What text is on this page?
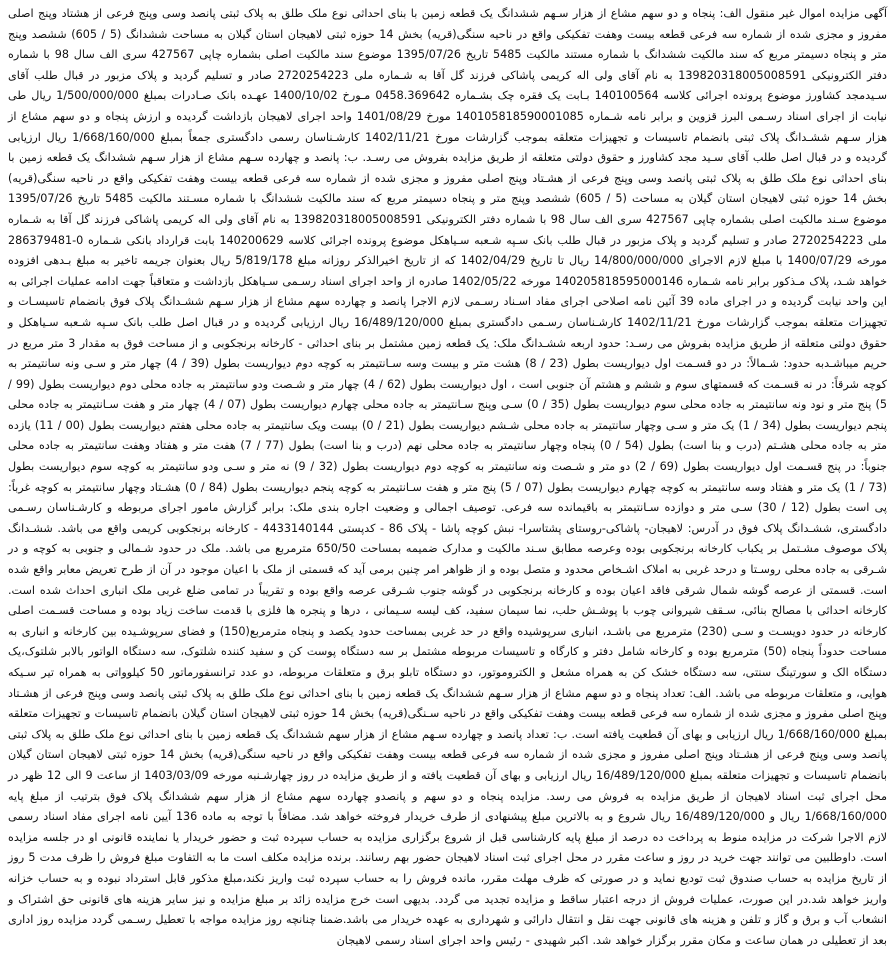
آگهی مزایده اموال غیر منقول الف: پنجاه و دو سهم مشاع از هزار سـهم ششدانگ یک قطعه زمین با بنای احداثی نوع ملک طلق به پلاک ثبتی پانصد وسی وپنج فرعی از هشتاد وپنج اصلی مفروز و مجزی شده از شماره سه فرعی قطعه بیست وهفت تفکیکی واقع در ناحیه سنگی(قریه) بخش 14 حوزه ثبتی لاهیجان استان گیلان به مساحت ششدانگ (5 / 605) ششصد وپنج متر و پنجاه دسیمتر مربع که سند مالکیت ششدانگ با شماره مستند مالکیت 5485 تاریخ 1395/07/26 موضوع سند مالکیت اصلی بشماره چاپی 427567 سری الف سال 98 با شماره دفتر الکترونیکی 139820318005008591 به نام آقای ولی اله کریمی پاشاکی فرزند گل آقا به شـماره ملی 2720254223 صادر و تسلیم گردید و پلاک مزبور در قبال طلب آقای سـیدمجد کشاورز موضوع پرونده اجرائی کلاسه 140100564 بـابت یک فقره چک بشـماره 0458.369642 مـورخ 1400/10/02 عهـده بانک صـادرات بمبلغ 1/500/000/000 ریال طی نیابت از اجرای اسناد رسـمی البرز قزوین و برابر نامه شـماره 140105818590001085 مورخ 1401/08/29 واحد اجرای لاهیجان بازداشت گردیده و ارزش پنجاه و دو سهم مشاع از هزار سـهم ششـدانگ پلاک ثبتی بانضمام تاسیسات و تجهیزات متعلقه بموجب گزارشات مورخ 1402/11/21 کارشـناسان رسمی دادگستری جمعاً بمبلغ 1/668/160/000 ریال ارزیابی گردیده و در قبال اصل طلب آقای سـید مجد کشاورز و حقوق دولتی متعلقه از طریق مزایده بفروش می رسـد. ب: پانصد و چهارده سـهم مشاع از هزار سـهم ششدانگ یک قطعه زمین با بنای احداثی نوع ملک طلق به پلاک ثبتی پانصد وسی وپنج فرعی از هشـتاد وپنج اصلی مفروز و مجزی شده از شماره سه فرعی قطعه بیست وهفت تفکیکی واقع در ناحیه سنگی(قریه) بخش 14 حوزه ثبتی لاهیجان استان گیلان به مساحت (5 / 605) ششصد وپنج متر و پنجاه دسیمتر مربع که سند مالکیت ششدانگ با شماره مسـتند مالکیت 5485 تاریخ 1395/07/26 موضوع سـند مالکیت اصلی بشماره چاپی 427567 سری الف سال 98 با شماره دفتر الکترونیکی 139820318005008591 به نام آقای ولی اله کریمی پاشاکی فرزند گل آقا به شـماره ملی 2720254223 صادر و تسلیم گردید و پلاک مزبور در قبال طلب بانک سـپه شـعبه سـیاهکل موضوع پرونده اجرائی کلاسه 140200629 بابت قرارداد بانکی شـماره 0-286379481 مورخه 1400/07/29 با مبلغ لازم الاجرای 14/800/000/000 ریال تا تاریخ 1402/04/29 که از تاریخ اخیرالذکر روزانه مبلغ 5/819/178 ریال بعنوان جریمه تاخیر به مبلغ بـدهی افزوده خواهد شـد، پلاک مـذکور برابر نامه شـماره 140205818595000146 مورخه 1402/05/22 صادره از واحد اجرای اسناد رسـمی سـیاهکل بازداشت و متعاقباً جهت ادامه عملیات اجرائی به این واحد نیابت گردیده و در اجرای ماده 39 آئین نامه اصلاحی اجرای مفاد اسـناد رسـمی لازم الاجرا پانصد و چهارده سهم مشاع از هزار سـهم ششـدانگ پلاک فوق بانضمام تاسیسـات و تجهیزات متعلقه بموجب گزارشات مورخ 1402/11/21 کارشـناسان رسـمی دادگستری بمبلغ 16/489/120/000 ریال ارزیابی گردیده و در قبال اصل طلب بانک سـپه شـعبه سـیاهکل و حقوق دولتی متعلقه از طریق مزایده بفروش می رسـد: حدود اربعه ششـدانگ ملک: یک قطعه زمین مشتمل بر بنای احداثی - کارخانه برنجکوبی و از مساحت فوق به مقدار 3 متر مربع در حریم میباشـدبه حدود: شـمالاً: در دو قسـمت اول دیواریست بطول (23 / 8) هشت متر و بیست وسه سـانتیمتر به کوچه دوم دیواریست بطول (39 / 4) چهار متر و سـی ونه سانتیمتر به کوچه شرقاً: در نه قسـمت که قسمتهای سوم و ششم و هشتم آن جنوبی است ، اول دیواریست بطول (62 / 4) چهار متر و شـصت ودو سانتیمتر به جاده محلی دوم دیواریست بطول (99 / 5) پنج متر و نود ونه سانتیمتر به جاده محلی سوم دیواریست بطول (35 / 0) سـی وپنج سـانتیمتر به جاده محلی چهارم دیواریست بطول (07 / 4) چهار متر و هفت سـانتیمتر به جاده محلی پنجم دیواریست بطول (34 / 1) یک متر و سـی وچهار سانتیمتر به جاده محلی شـشم دیواریست بطول (21 / 0) بیست ویک سانتیمتر به جاده محلی هفتم دیواریست بطول (00 / 11) یازده متر به جاده محلی هشـتم (درب و بنا است) بطول (54 / 0) پنجاه وچهار سانتیمتر به جاده محلی نهم (درب و بنا است) بطول (77 / 7) هفت متر و هفتاد وهفت سانتیمتر به جاده محلی جنوباً: در پنج قسـمت اول دیواریست بطول (69 / 2) دو متر و شـصت ونه سانتیمتر به کوچه دوم دیواریست بطول (32 / 9) نه متر و سـی ودو سانتیمتر به کوچه سوم دیواریست بطول (73 / 1) یک متر و هفتاد وسه سانتیمتر به کوچه چهارم دیواریست بطول (07 / 5) پنج متر و هفت سـانتیمتر به کوچه پنجم دیواریست بطول (84 / 0) هشـتاد وچهار سانتیمتر به کوچه غرباً: پی است بطول (12 / 30) سـی متر و دوازده سـانتیمتر به باقیمانده سه فرعی. توصیف اجمالی و وضعیت اجاره بندی ملک: برابر گزارش مامور اجرای مربوطه و کارشـناسان رسـمی دادگستری، ششـدانگ پلاک فوق در آدرس: لاهیجان- پاشاکی-روستای پشتاسرا- نبش کوچه پاشا - پلاک 86 - کدپستی 4433140144 - کارخانه برنجکوبی کریمی واقع می باشد. ششـدانگ پلاک موصوف مشـتمل بر یکباب کارخانه برنجکوبی بوده وعرصه مطابق سـند مالکیت و مدارک ضمیمه بمساحت 650/50 مترمربع می باشد. ملک در حدود شـمالی و جنوبی به کوچه و در شـرقی به جاده محلی روسـتا و درحد غربی به املاک اشـخاص محدود و متصل بوده و از ظواهر امر چنین برمی آید که قسمتی از ملک با اعیان موجود در آن از طرح تعریض معابر واقع شده است. قسمتی از عرصه گوشه شمال شرقی فاقد اعیان بوده و کارخانه برنجکوبی در گوشه جنوب شـرقی عرصه واقع بوده و تقریباً در تمامی ضلع غربی ملک انباری احداث شده است. کارخانه احداثی با مصالح بنائی، سـقف شیروانی چوب با پوشـش حلب، نما سیمان سفید، کف لیسه سـیمانی ، درها و پنجره ها فلزی با قدمت ساخت زیاد بوده و مساحت قسـمت اصلی کارخانه در حدود دویسـت و سـی (230) مترمربع می باشـد، انباری سرپوشیده واقع در حد غربی بمساحت حدود یکصد و پنجاه مترمربع(150) و فضای سرپوشـیده بین کارخانه و انباری به مساحت حدوداً پنجاه (50) مترمربع بوده و کارخانه شامل دفتر و کارگاه و تاسیسات مربوطه مشتمل بر سه دستگاه پوست کن و سفید کننده شلتوک، سه دستگاه الواتور بالابر شلتوک،یک دستگاه الک و سورتینگ سنتی، سه دستگاه خشک کن به همراه مشعل و الکتروموتور، دو دستگاه تابلو برق و متعلقات مربوطه، دو عدد ترانسفورماتور 50 کیلوواتی به همراه تیر سـیکه هوایی، و متعلقات مربوطه می باشد. الف: تعداد پنجاه و دو سهم مشاع از هزار سـهم ششدانگ یک قطعه زمین با بنای احداثی نوع ملک طلق به پلاک ثبتی پانصد وسی وپنج فرعی از هشـتاد وپنج اصلی مفروز و مجزی شده از شماره سه فرعی قطعه بیست وهفت تفکیکی واقع در ناحیه سـنگی(قریه) بخش 14 حوزه ثبتی لاهیجان استان گیلان بانضمام تاسیسات و تجهیزات متعلقه بمبلغ 1/668/160/000 ریال ارزیابی و بهای آن قطعیت یافته است. ب: تعداد پانصد و چهارده سـهم مشاع از هزار سهم ششدانگ یک قطعه زمین با بنای احداثی نوع ملک طلق به پلاک ثبتی پانصد وسی وپنج فرعی از هشـتاد وپنج اصلی مفروز و مجزی شده از شماره سه فرعی قطعه بیست وهفت تفکیکی واقع در ناحیه سنگی(قریه) بخش 14 حوزه ثبتی لاهیجان استان گیلان بانضمام تاسیسات و تجهیزات متعلقه بمبلغ 16/489/120/000 ریال ارزیابی و بهای آن قطعیت یافته و از طریق مزایده در روز چهارشـنبه مورخه 1403/03/09 از ساعت 9 الی 12 ظهر در محل اجرای ثبت اسناد لاهیجان از طریق مزایده به فروش می رسد. مزایده پنجاه و دو سهم و پانصدو چهارده سهم مشاع از هزار سهم ششدانگ پلاک فوق بترتیب از مبلغ پایه 1/668/160/000 ریال و 16/489/120/000 ریال شروع و به بالاترین مبلغ پیشنهادی از طرف خریدار فروخته خواهد شد. مضافاً با توجه به ماده 136 آیین نامه اجرای مفاد اسناد رسمی لازم الاجرا شرکت در مزایده منوط به پرداخت ده درصد از مبلغ پایه کارشناسی قبل از شروع برگزاری مزایده به حساب سپرده ثبت و حضور خریدار یا نماینده قانونی او در جلسه مزایده است. داوطلبین می توانند جهت خرید در روز و ساعت مقرر در محل اجرای ثبت اسناد لاهیجان حضور بهم رسانند. برنده مزایده مکلف است ما به التفاوت مبلغ فروش را ظرف مدت 5 روز از تاریخ مزایده به حساب صندوق ثبت تودیع نماید و در صورتی که ظرف مهلت مقرر، مانده فروش را به حساب سپرده ثبت واریز نکند،مبلغ مذکور قابل استرداد نبوده و به حساب خزانه واریز خواهد شد.در این صورت، عملیات فروش از درجه اعتبار ساقط و مزایده تجدید می گردد. بدیهی است خرج مزایده زائد بر مبلغ مزایده و نیز سایر هزینه های قانونی حق اشتراک و انشعاب آب و برق و گاز و تلفن و هزینه های قانونی جهت نقل و انتقال دارائی و شهرداری به عهده خریدار می باشد.ضمنا چنانچه روز مزایده مواجه با تعطیل رسـمی گردد مزایده روز اداری بعد از تعطیلی در همان ساعت و مکان مقرر برگزار خواهد شد. اکبر شهیدی - رئیس واحد اجرای اسناد رسمی لاهیجان
